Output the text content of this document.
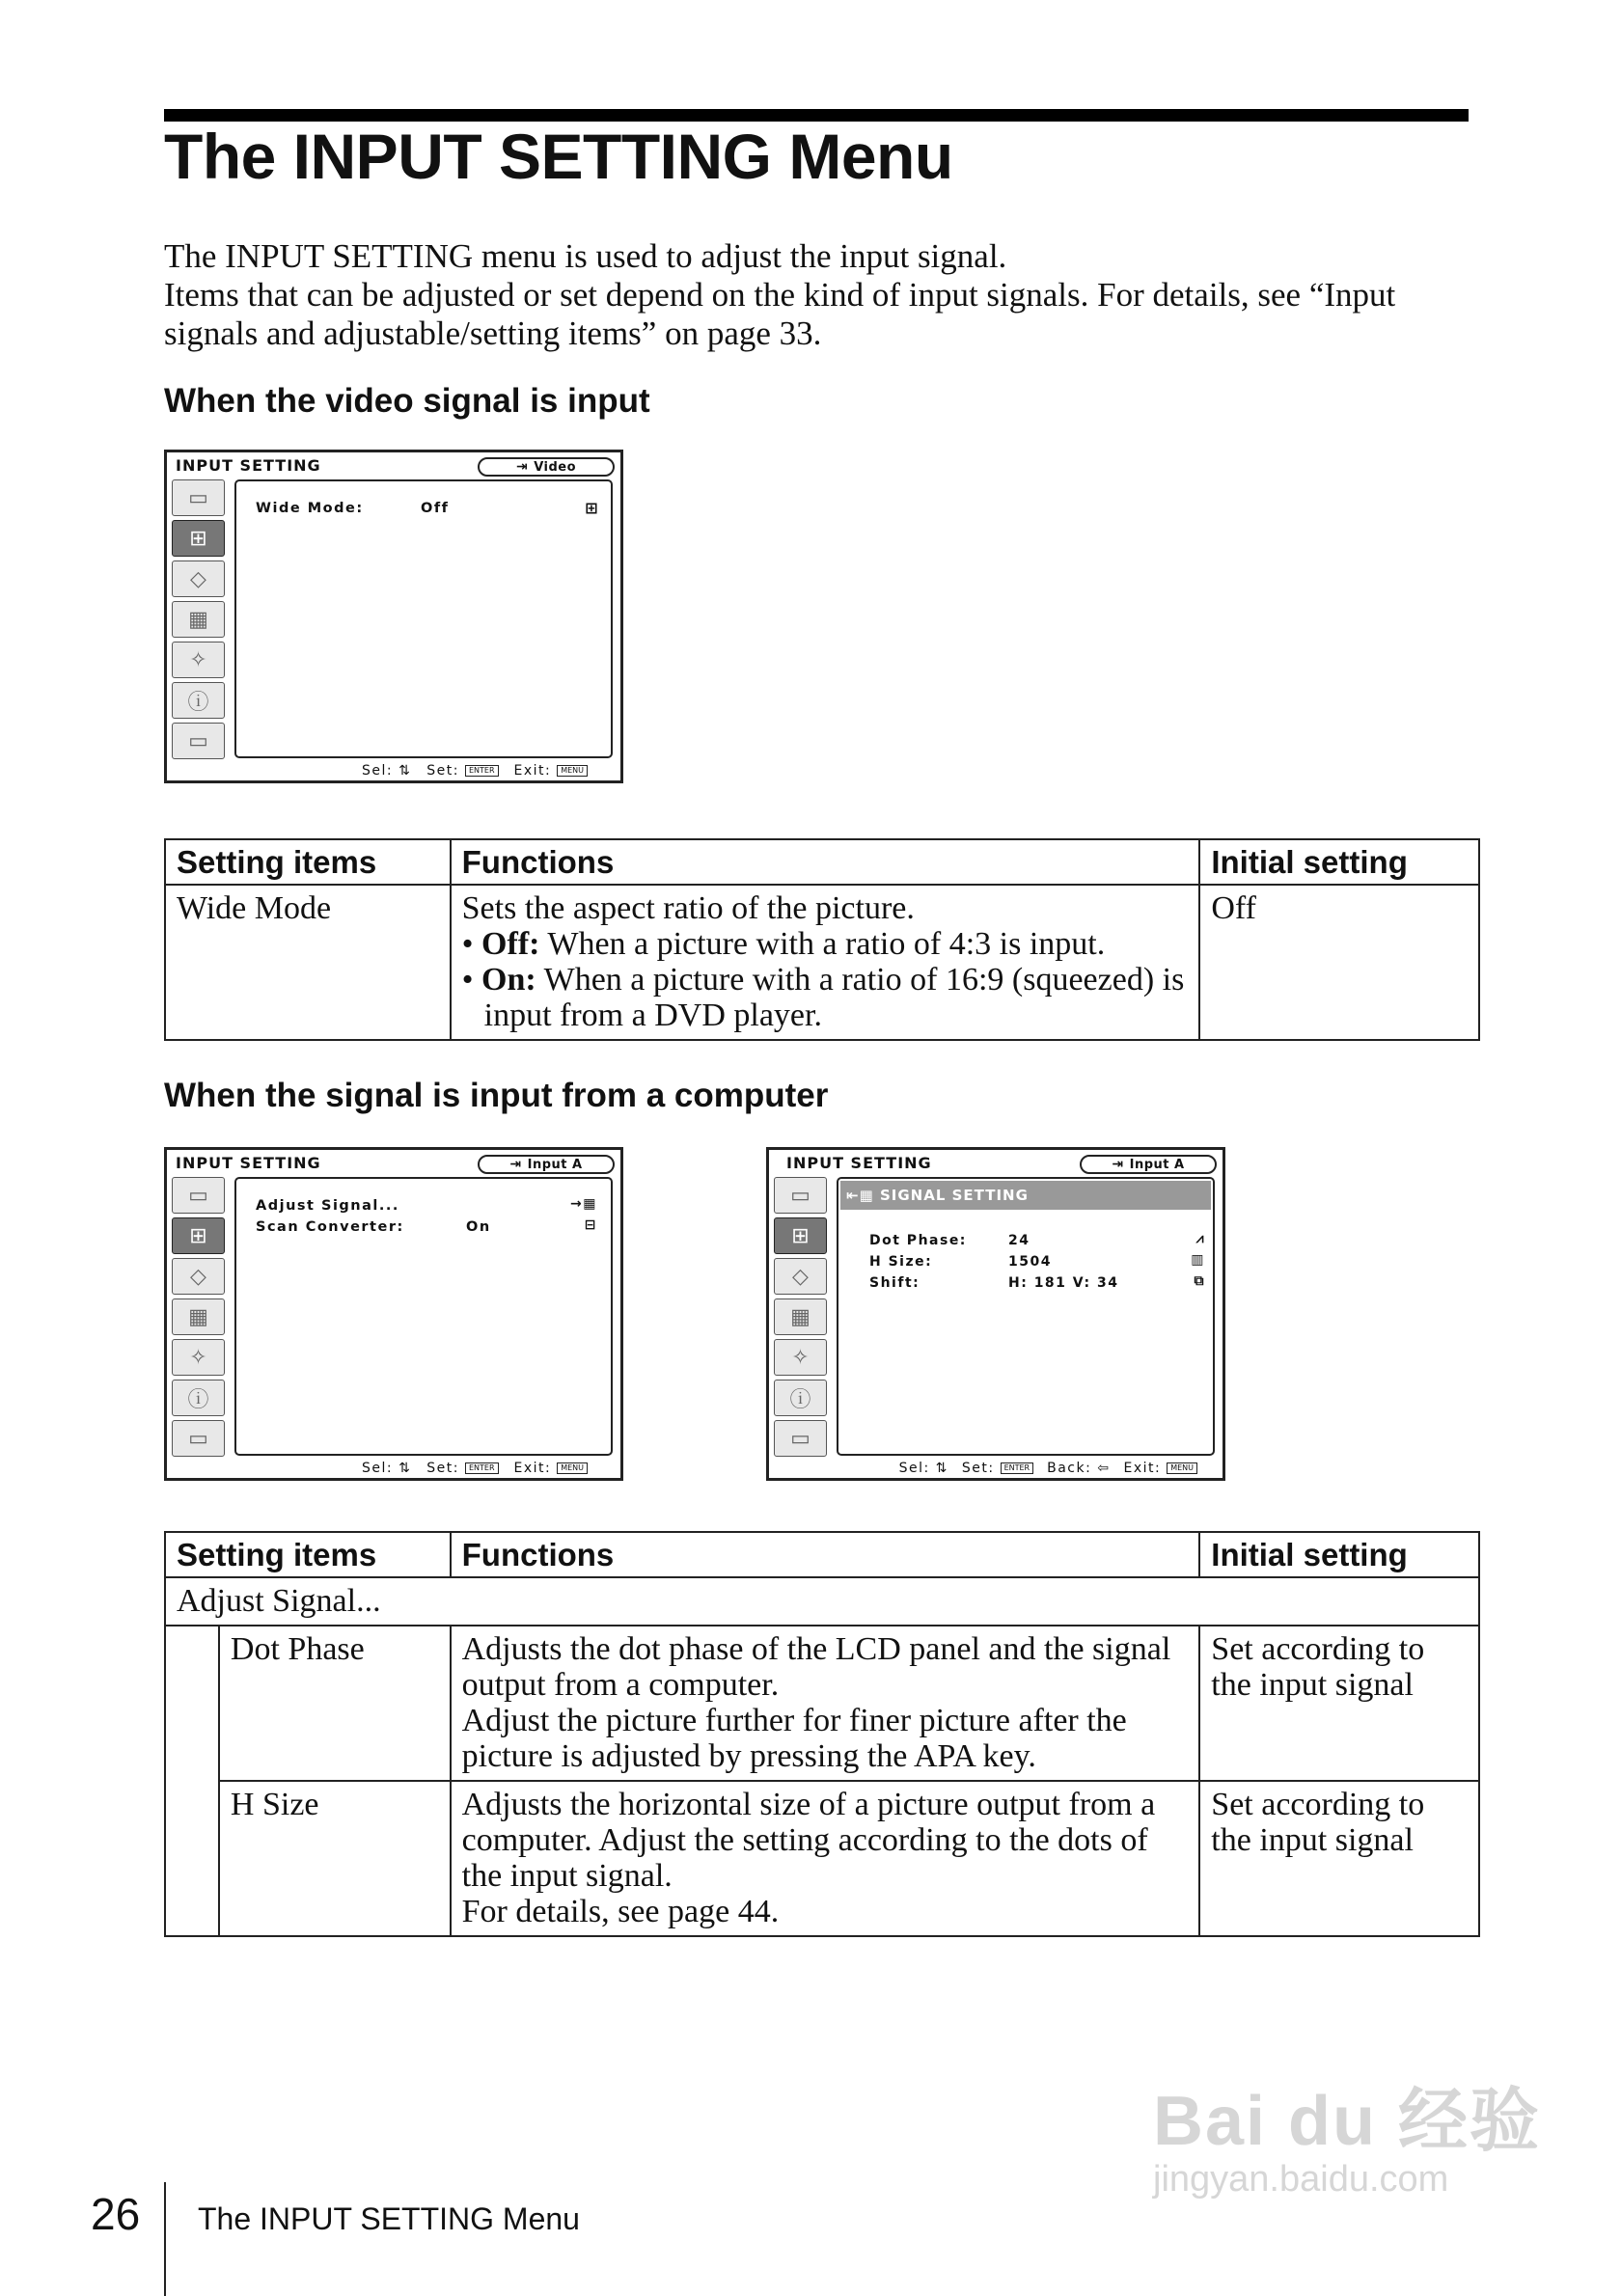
The INPUT SETTING Menu

The INPUT SETTING menu is used to adjust the input signal.

Items that can be adjusted or set depend on the kind of input signals. For details, see “Input signals and adjustable/setting items” on page 33.

When the video signal is input
INPUT SETTING	⇥ Video
▭
⊞
◇
▦
✧
ⓘ
▭
Wide Mode:	Off	⊞
Sel: ⇅ Set: ENTER Exit: MENU
Setting items	Functions	Initial setting
Wide Mode	Sets the aspect ratio of the picture.
• Off: When a picture with a ratio of 4:3 is input.
• On: When a picture with a ratio of 16:9 (squeezed) is input from a DVD player.	Off
When the signal is input from a computer
INPUT SETTING	⇥ Input A
▭
⊞
◇
▦
✧
ⓘ
▭
Adjust Signal...	→▦
Scan Converter:	On	⊟
Sel: ⇅ Set: ENTER Exit: MENU
INPUT SETTING	⇥ Input A
▭
⊞
◇
▦
✧
ⓘ
▭
⇤▦ SIGNAL SETTING
Dot Phase:	24
H Size:	1504
Shift:	H: 181 V: 34
⩘
▥
⧉
Sel: ⇅ Set: ENTER Back: ⇦ Exit: MENU
Setting items		Functions	Initial setting
Adjust Signal...			
	Dot Phase	Adjusts the dot phase of the LCD panel and the signal output from a computer.
Adjust the picture further for finer picture after the picture is adjusted by pressing the APA key.	Set according to the input signal
	H Size	Adjusts the horizontal size of a picture output from a computer. Adjust the setting according to the dots of the input signal.
For details, see page 44.	Set according to the input signal
Bai du 经验
jingyan.baidu.com
26 The INPUT SETTING Menu
